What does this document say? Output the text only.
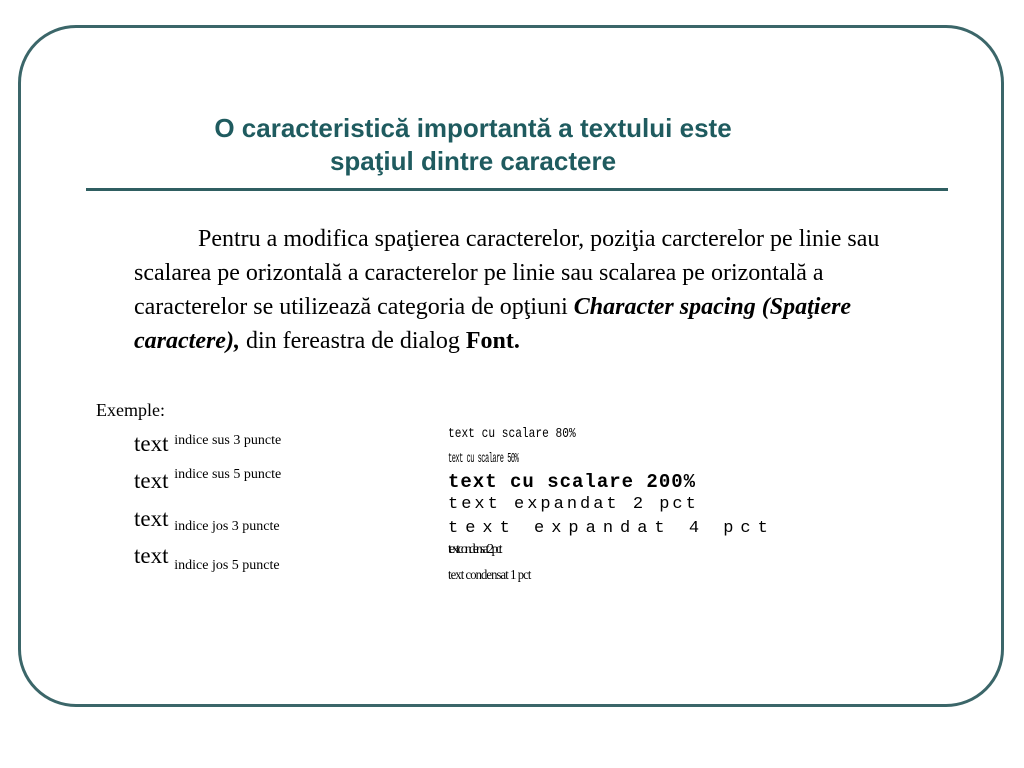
O caracteristică importantă a textului este
spaţiul dintre caractere

Pentru a modifica spaţierea caracterelor, poziţia carcterelor pe linie sau scalarea pe orizontală a caracterelor pe linie sau scalarea pe orizontală a caracterelor se utilizează categoria de opţiuni Character spacing (Spaţiere caractere), din fereastra de dialog Font.

Exemple:
text $^{indice sus 3 puncte}$
text $^{indice sus 5 puncte}$
text indice jos 3 puncte
text $_{indice jos 5 puncte}$
text cu scalare 80%
text cu scalare 50%
text cu scalare 200%
text expandat 2 pct
text expandat 4 pct
text condensat 2 pct
text condensat 1 pct
